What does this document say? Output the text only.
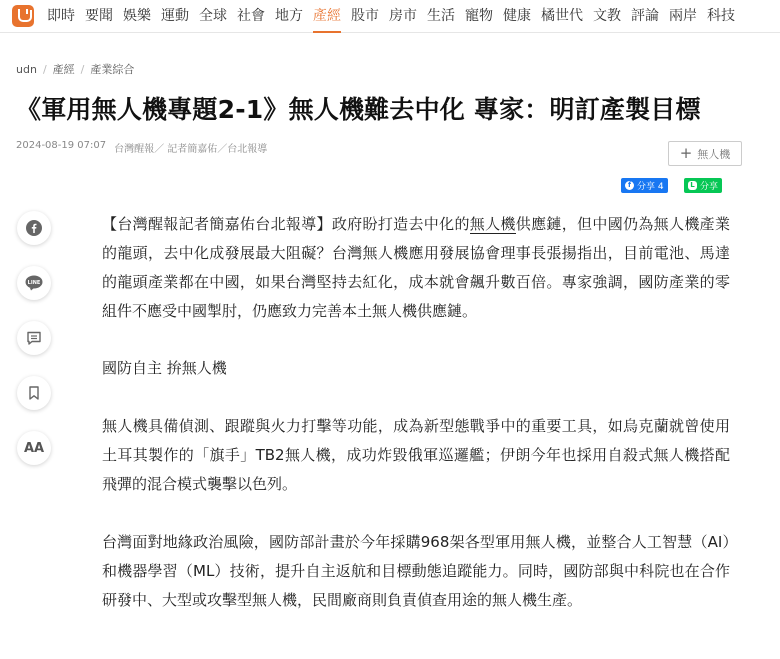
即時 要聞 娛樂 運動 全球 社會 地方 產經 股市 房市 生活 寵物 健康 橘世代 文教 評論 兩岸 科技
udn / 產經 / 產業綜合
《軍用無人機專題2-1》無人機難去中化 專家：明訂產製目標
2024-08-19 07:07 台灣醒報／ 記者簡嘉佑／台北報導	+ 無人機
f 分享 4	L 分享
LINE
AA

【台灣醒報記者簡嘉佑台北報導】政府盼打造去中化的無人機供應鏈，但中國仍為無人機產業的龍頭，去中化成發展最大阻礙？台灣無人機應用發展協會理事長張揚指出，目前電池、馬達的龍頭產業都在中國，如果台灣堅持去紅化，成本就會飆升數百倍。專家強調，國防產業的零組件不應受中國掣肘，仍應致力完善本土無人機供應鏈。

國防自主 拚無人機

無人機具備偵測、跟蹤與火力打擊等功能，成為新型態戰爭中的重要工具，如烏克蘭就曾使用土耳其製作的「旗手」TB2無人機，成功炸毀俄軍巡邏艦；伊朗今年也採用自殺式無人機搭配飛彈的混合模式襲擊以色列。

台灣面對地緣政治風險，國防部計畫於今年採購968架各型軍用無人機，並整合人工智慧（AI）和機器學習（ML）技術，提升自主返航和目標動態追蹤能力。同時，國防部與中科院也在合作研發中、大型或攻擊型無人機，民間廠商則負責偵查用途的無人機生產。
